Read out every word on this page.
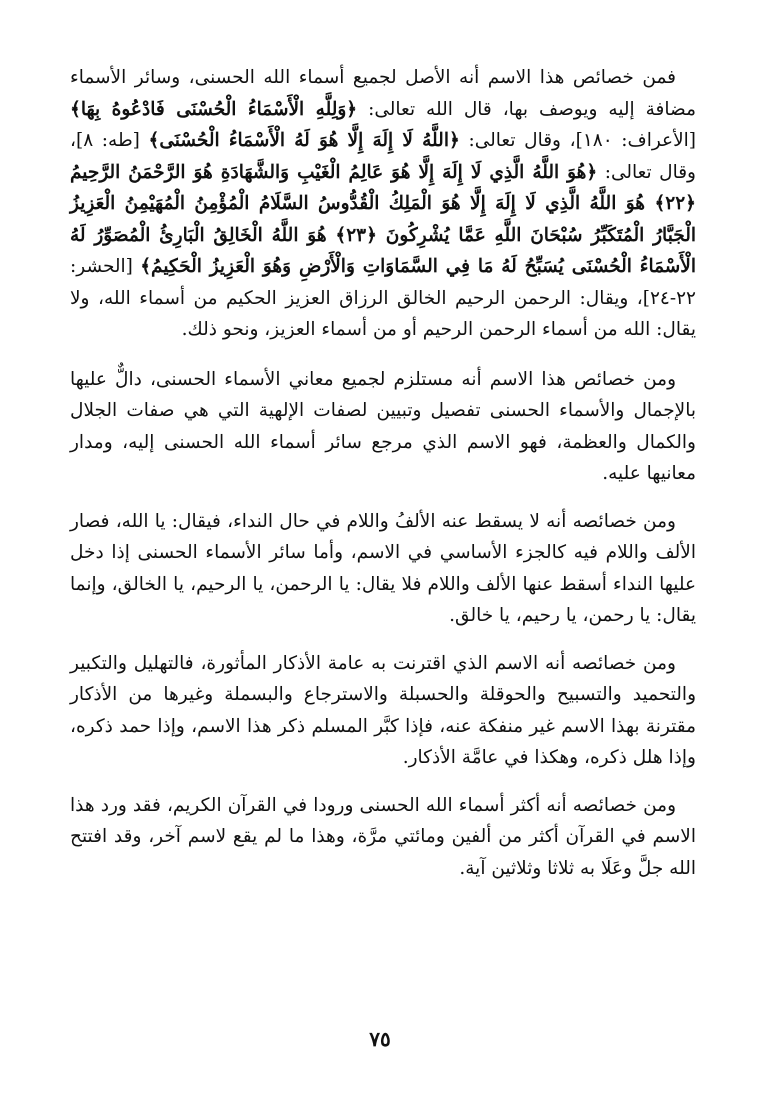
فمن خصائص هذا الاسم أنه الأصل لجميع أسماء الله الحسنى، وسائر الأسماء مضافة إليه ويوصف بها، قال الله تعالى: ﴿وَلِلَّهِ الْأَسْمَاءُ الْحُسْنَى فَادْعُوهُ بِهَا﴾ [الأعراف: ١٨٠]، وقال تعالى: ﴿اللَّهُ لَا إِلَهَ إِلَّا هُوَ لَهُ الْأَسْمَاءُ الْحُسْنَى﴾ [طه: ٨]، وقال تعالى: ﴿هُوَ اللَّهُ الَّذِي لَا إِلَهَ إِلَّا هُوَ عَالِمُ الْغَيْبِ وَالشَّهَادَةِ هُوَ الرَّحْمَنُ الرَّحِيمُ ﴿٢٢﴾ هُوَ اللَّهُ الَّذِي لَا إِلَهَ إِلَّا هُوَ الْمَلِكُ الْقُدُّوسُ السَّلَامُ الْمُؤْمِنُ الْمُهَيْمِنُ الْعَزِيزُ الْجَبَّارُ الْمُتَكَبِّرُ سُبْحَانَ اللَّهِ عَمَّا يُشْرِكُونَ ﴿٢٣﴾ هُوَ اللَّهُ الْخَالِقُ الْبَارِئُ الْمُصَوِّرُ لَهُ الْأَسْمَاءُ الْحُسْنَى يُسَبِّحُ لَهُ مَا فِي السَّمَاوَاتِ وَالْأَرْضِ وَهُوَ الْعَزِيزُ الْحَكِيمُ﴾ [الحشر: ٢٢-٢٤]، ويقال: الرحمن الرحيم الخالق الرزاق العزيز الحكيم من أسماء الله، ولا يقال: الله من أسماء الرحمن الرحيم أو من أسماء العزيز، ونحو ذلك.

ومن خصائص هذا الاسم أنه مستلزم لجميع معاني الأسماء الحسنى، دالٌّ عليها بالإجمال والأسماء الحسنى تفصيل وتبيين لصفات الإلهية التي هي صفات الجلال والكمال والعظمة، فهو الاسم الذي مرجع سائر أسماء الله الحسنى إليه، ومدار معانيها عليه.

ومن خصائصه أنه لا يسقط عنه الألفُ واللام في حال النداء، فيقال: يا الله، فصار الألف واللام فيه كالجزء الأساسي في الاسم، وأما سائر الأسماء الحسنى إذا دخل عليها النداء أسقط عنها الألف واللام فلا يقال: يا الرحمن، يا الرحيم، يا الخالق، وإنما يقال: يا رحمن، يا رحيم، يا خالق.

ومن خصائصه أنه الاسم الذي اقترنت به عامة الأذكار المأثورة، فالتهليل والتكبير والتحميد والتسبيح والحوقلة والحسبلة والاسترجاع والبسملة وغيرها من الأذكار مقترنة بهذا الاسم غير منفكة عنه، فإذا كبَّر المسلم ذكر هذا الاسم، وإذا حمد ذكره، وإذا هلل ذكره، وهكذا في عامَّة الأذكار.

ومن خصائصه أنه أكثر أسماء الله الحسنى ورودا في القرآن الكريم، فقد ورد هذا الاسم في القرآن أكثر من ألفين ومائتي مرَّة، وهذا ما لم يقع لاسم آخر، وقد افتتح الله جلَّ وعَلَا به ثلاثا وثلاثين آية.

٧٥
